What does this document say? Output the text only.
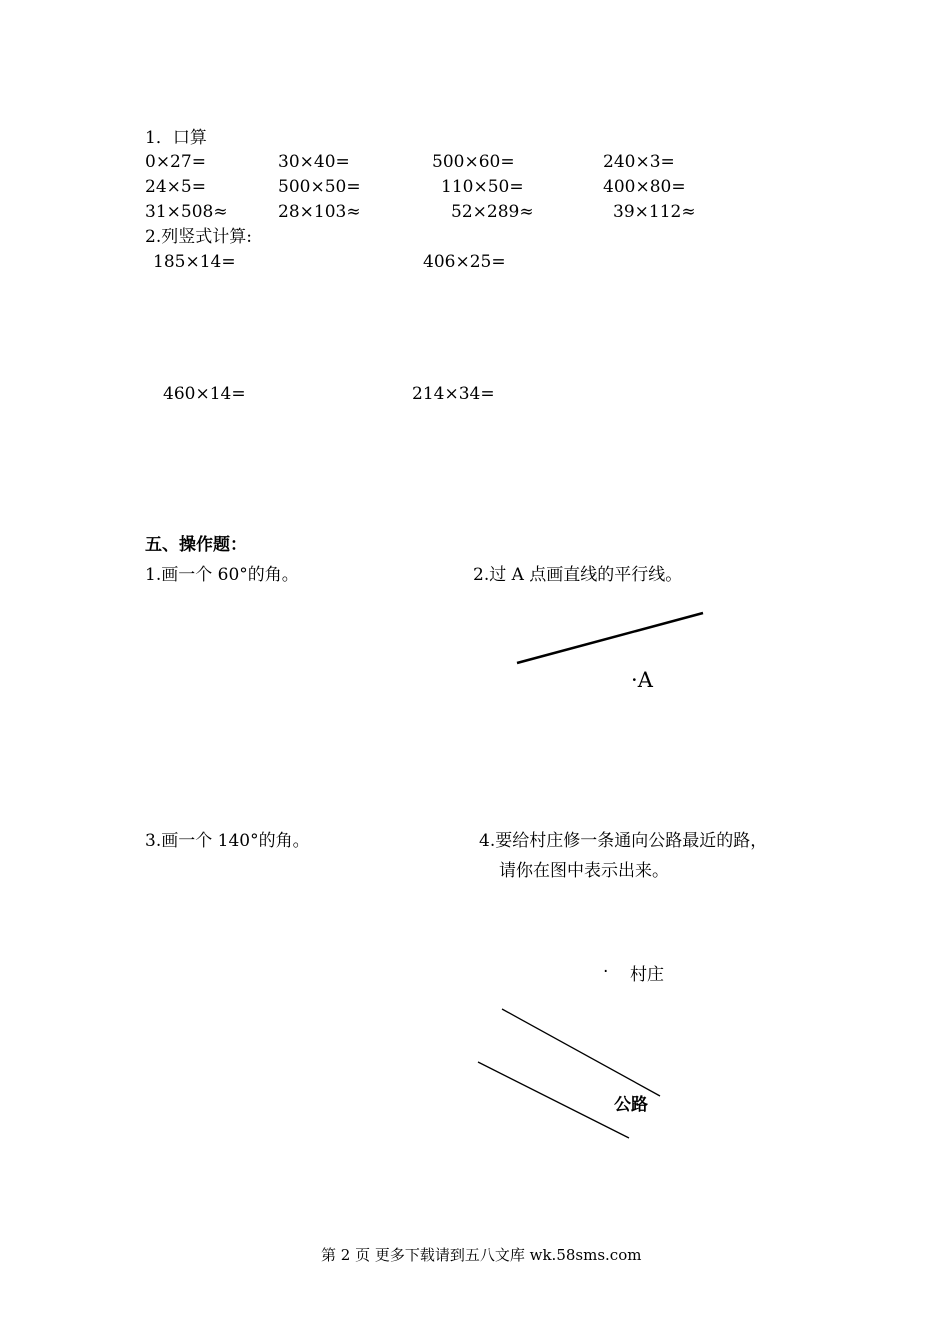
1．口算
0×27=	30×40=	500×60=	240×3=
24×5=	500×50=	110×50=	400×80=
31×508≈	28×103≈	52×289≈	39×112≈
2.列竖式计算:
185×14=	406×25=
460×14=	214×34=
五、操作题：
1.画一个 60°的角。	2.过 A 点画直线的平行线。
·A
3.画一个 140°的角。	4.要给村庄修一条通向公路最近的路，
请你在图中表示出来。
· 村庄
公路
第 2 页 更多下载请到五八文库 wk.58sms.com
